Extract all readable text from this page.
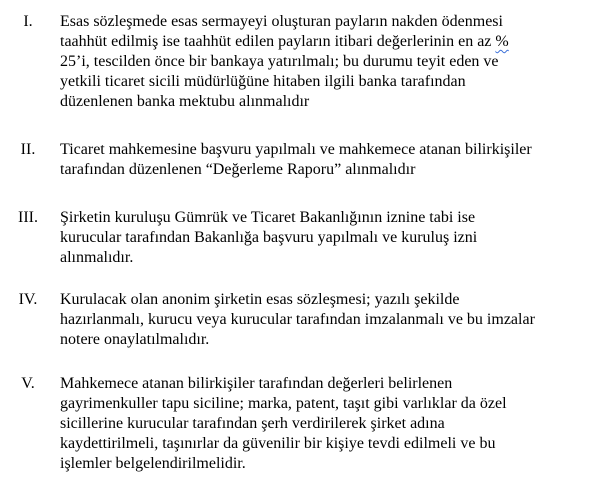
I.	Esas sözleşmede esas sermayeyi oluşturan payların nakden ödenmesi
taahhüt edilmiş ise taahhüt edilen payların itibari değerlerinin en az %
25’i, tescilden önce bir bankaya yatırılmalı; bu durumu teyit eden ve
yetkili ticaret sicili müdürlüğüne hitaben ilgili banka tarafından
düzenlenen banka mektubu alınmalıdır
II.	Ticaret mahkemesine başvuru yapılmalı ve mahkemece atanan bilirkişiler
tarafından düzenlenen “Değerleme Raporu” alınmalıdır
III.	Şirketin kuruluşu Gümrük ve Ticaret Bakanlığının iznine tabi ise
kurucular tarafından Bakanlığa başvuru yapılmalı ve kuruluş izni
alınmalıdır.
IV.	Kurulacak olan anonim şirketin esas sözleşmesi; yazılı şekilde
hazırlanmalı, kurucu veya kurucular tarafından imzalanmalı ve bu imzalar
notere onaylatılmalıdır.
V.	Mahkemece atanan bilirkişiler tarafından değerleri belirlenen
gayrimenkuller tapu siciline; marka, patent, taşıt gibi varlıklar da özel
sicillerine kurucular tarafından şerh verdirilerek şirket adına
kaydettirilmeli, taşınırlar da güvenilir bir kişiye tevdi edilmeli ve bu
işlemler belgelendirilmelidir.
